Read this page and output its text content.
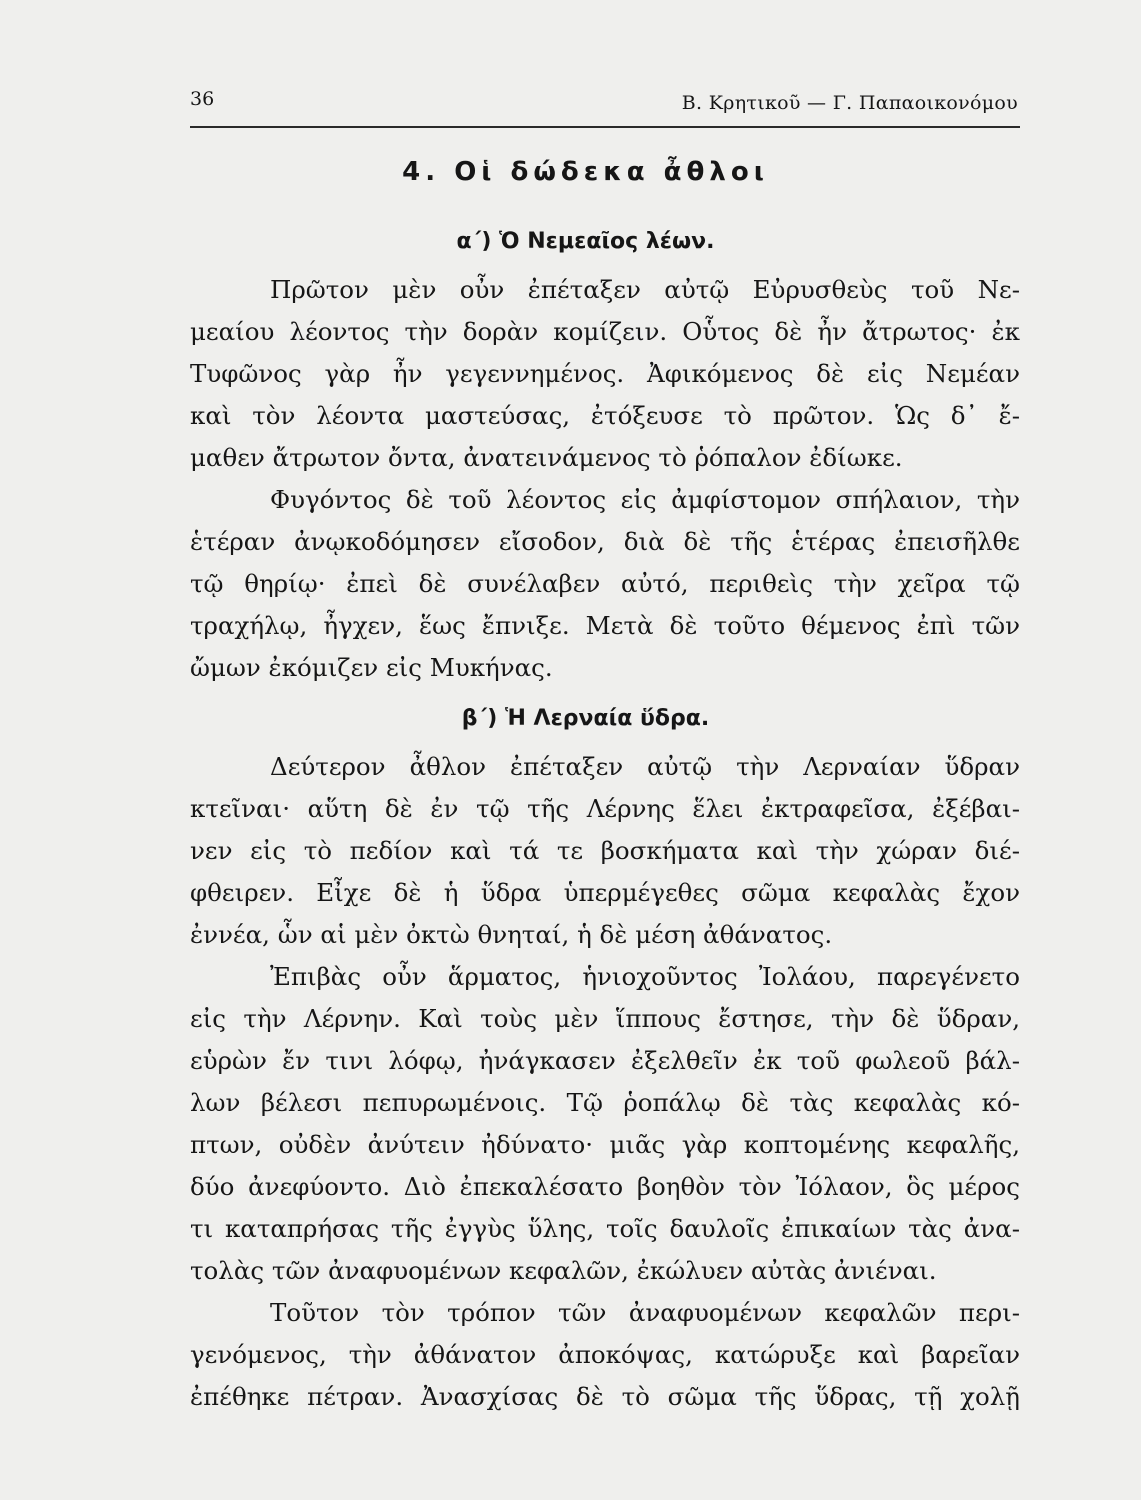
36	Β. Κρητικοῦ — Γ. Παπαοικονόμου
4. Οἱ δώδεκα ἆθλοι
α΄) Ὁ Νεμεαῖος λέων.
Πρῶτον μὲν οὖν ἐπέταξεν αὐτῷ Εὐρυσθεὺς τοῦ Νε-
μεαίου λέοντος τὴν δορὰν κομίζειν. Οὗτος δὲ ἦν ἄτρωτος· ἐκ
Τυφῶνος γὰρ ἦν γεγεννημένος. Ἀφικόμενος δὲ εἰς Νεμέαν
καὶ τὸν λέοντα μαστεύσας, ἐτόξευσε τὸ πρῶτον. Ὡς δ᾿ ἔ-
μαθεν ἄτρωτον ὄντα, ἀνατεινάμενος τὸ ῥόπαλον ἐδίωκε.
Φυγόντος δὲ τοῦ λέοντος εἰς ἀμφίστομον σπήλαιον, τὴν
ἑτέραν ἀνῳκοδόμησεν εἴσοδον, διὰ δὲ τῆς ἑτέρας ἐπεισῆλθε
τῷ θηρίῳ· ἐπεὶ δὲ συνέλαβεν αὐτό, περιθεὶς τὴν χεῖρα τῷ
τραχήλῳ, ἦγχεν, ἕως ἔπνιξε. Μετὰ δὲ τοῦτο θέμενος ἐπὶ τῶν
ὤμων ἐκόμιζεν εἰς Μυκήνας.
β΄) Ἡ Λερναία ὕδρα.
Δεύτερον ἆθλον ἐπέταξεν αὐτῷ τὴν Λερναίαν ὕδραν
κτεῖναι· αὕτη δὲ ἐν τῷ τῆς Λέρνης ἕλει ἐκτραφεῖσα, ἐξέβαι-
νεν εἰς τὸ πεδίον καὶ τά τε βοσκήματα καὶ τὴν χώραν διέ-
φθειρεν. Εἶχε δὲ ἡ ὕδρα ὑπερμέγεθες σῶμα κεφαλὰς ἔχον
ἐννέα, ὧν αἱ μὲν ὀκτὼ θνηταί, ἡ δὲ μέση ἀθάνατος.
Ἐπιβὰς οὖν ἅρματος, ἡνιοχοῦντος Ἰολάου, παρεγένετο
εἰς τὴν Λέρνην. Καὶ τοὺς μὲν ἵππους ἔστησε, τὴν δὲ ὕδραν,
εὑρὼν ἔν τινι λόφῳ, ἠνάγκασεν ἐξελθεῖν ἐκ τοῦ φωλεοῦ βάλ-
λων βέλεσι πεπυρωμένοις. Τῷ ῥοπάλῳ δὲ τὰς κεφαλὰς κό-
πτων, οὐδὲν ἀνύτειν ἠδύνατο· μιᾶς γὰρ κοπτομένης κεφαλῆς,
δύο ἀνεφύοντο. Διὸ ἐπεκαλέσατο βοηθὸν τὸν Ἰόλαον, ὃς μέρος
τι καταπρήσας τῆς ἐγγὺς ὕλης, τοῖς δαυλοῖς ἐπικαίων τὰς ἀνα-
τολὰς τῶν ἀναφυομένων κεφαλῶν, ἐκώλυεν αὐτὰς ἀνιέναι.
Τοῦτον τὸν τρόπον τῶν ἀναφυομένων κεφαλῶν περι-
γενόμενος, τὴν ἀθάνατον ἀποκόψας, κατώρυξε καὶ βαρεῖαν
ἐπέθηκε πέτραν. Ἀνασχίσας δὲ τὸ σῶμα τῆς ὕδρας, τῇ χολῇ
